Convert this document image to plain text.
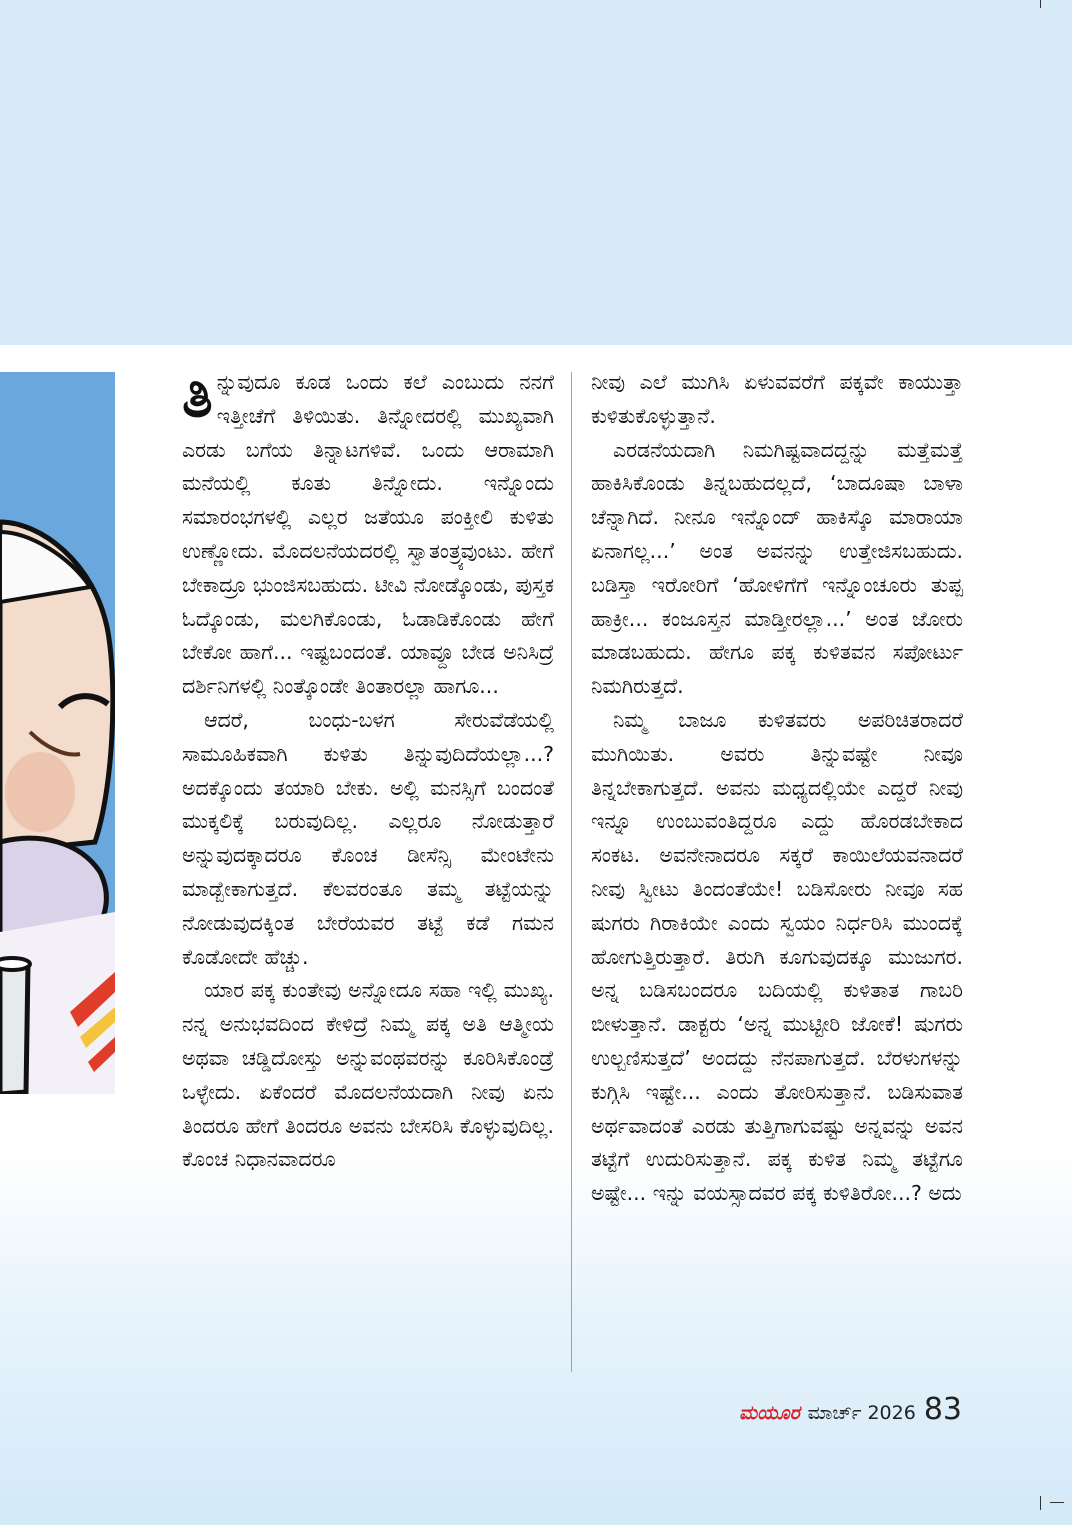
ತಿನ್ನುವುದೂ ಕೂಡ ಒಂದು ಕಲೆ ಎಂಬುದು ನನಗೆ ಇತ್ತೀಚೆಗೆ ತಿಳಿಯಿತು. ತಿನ್ನೋದರಲ್ಲಿ ಮುಖ್ಯವಾಗಿ ಎರಡು ಬಗೆಯ ತಿನ್ನಾಟಗಳಿವೆ. ಒಂದು ಆರಾಮಾಗಿ ಮನೆಯಲ್ಲಿ ಕೂತು ತಿನ್ನೋದು. ಇನ್ನೊಂದು ಸಮಾರಂಭಗಳಲ್ಲಿ ಎಲ್ಲರ ಜತೆಯೂ ಪಂಕ್ತೀಲಿ ಕುಳಿತು ಉಣ್ಣೋದು. ಮೊದಲನೆಯದರಲ್ಲಿ ಸ್ವಾತಂತ್ರ್ಯವುಂಟು. ಹೇಗೆ ಬೇಕಾದ್ರೂ ಭುಂಜಿಸಬಹುದು. ಟೀವಿ ನೋಡ್ಕೊಂಡು, ಪುಸ್ತಕ ಓದ್ಕೊಂಡು, ಮಲಗಿಕೊಂಡು, ಓಡಾಡಿಕೊಂಡು ಹೇಗೆ ಬೇಕೋ ಹಾಗೆ... ಇಷ್ಟಬಂದಂತೆ. ಯಾವ್ದೂ ಬೇಡ ಅನಿಸಿದ್ರೆ ದರ್ಶಿನಿಗಳಲ್ಲಿ ನಿಂತ್ಕೊಂಡೇ ತಿಂತಾರಲ್ಲಾ ಹಾಗೂ...

ಆದರೆ, ಬಂಧು-ಬಳಗ ಸೇರುವೆಡೆಯಲ್ಲಿ ಸಾಮೂಹಿಕವಾಗಿ ಕುಳಿತು ತಿನ್ನುವುದಿದೆಯಲ್ಲಾ...? ಅದಕ್ಕೊಂದು ತಯಾರಿ ಬೇಕು. ಅಲ್ಲಿ ಮನಸ್ಸಿಗೆ ಬಂದಂತೆ ಮುಕ್ಕಲಿಕ್ಕೆ ಬರುವುದಿಲ್ಲ. ಎಲ್ಲರೂ ನೋಡುತ್ತಾರೆ ಅನ್ನುವುದಕ್ಕಾದರೂ ಕೊಂಚ ಡೀಸೆನ್ಸಿ ಮೇಂಟೇನು ಮಾಡ್ಬೇಕಾಗುತ್ತದೆ. ಕೆಲವರಂತೂ ತಮ್ಮ ತಟ್ಟೆಯನ್ನು ನೋಡುವುದಕ್ಕಿಂತ ಬೇರೆಯವರ ತಟ್ಟೆ ಕಡೆ ಗಮನ ಕೊಡೋದೇ ಹೆಚ್ಚು.

ಯಾರ ಪಕ್ಕ ಕುಂತೇವು ಅನ್ನೋದೂ ಸಹಾ ಇಲ್ಲಿ ಮುಖ್ಯ. ನನ್ನ ಅನುಭವದಿಂದ ಕೇಳಿದ್ರೆ ನಿಮ್ಮ ಪಕ್ಕ ಅತಿ ಆತ್ಮೀಯ ಅಥವಾ ಚಡ್ಡಿದೋಸ್ತು ಅನ್ನುವಂಥವರನ್ನು ಕೂರಿಸಿಕೊಂಡ್ರೆ ಒಳ್ಳೇದು. ಏಕೆಂದರೆ ಮೊದಲನೆಯದಾಗಿ ನೀವು ಏನು ತಿಂದರೂ ಹೇಗೆ ತಿಂದರೂ ಅವನು ಬೇಸರಿಸಿ ಕೊಳ್ಳುವುದಿಲ್ಲ. ಕೊಂಚ ನಿಧಾನವಾದರೂ

ನೀವು ಎಲೆ ಮುಗಿಸಿ ಏಳುವವರೆಗೆ ಪಕ್ಕವೇ ಕಾಯುತ್ತಾ ಕುಳಿತುಕೊಳ್ಳುತ್ತಾನೆ.

ಎರಡನೆಯದಾಗಿ ನಿಮಗಿಷ್ಟವಾದದ್ದನ್ನು ಮತ್ತೆಮತ್ತೆ ಹಾಕಿಸಿಕೊಂಡು ತಿನ್ನಬಹುದಲ್ಲದೆ, ‘ಬಾದೂಷಾ ಬಾಳಾ ಚೆನ್ನಾಗಿದೆ. ನೀನೂ ಇನ್ನೊಂದ್ ಹಾಕಿಸ್ಕೊ ಮಾರಾಯಾ ಏನಾಗಲ್ಲ...’ ಅಂತ ಅವನನ್ನು ಉತ್ತೇಜಿಸಬಹುದು. ಬಡಿಸ್ತಾ ಇರೋರಿಗೆ ‘ಹೋಳಿಗೆಗೆ ಇನ್ನೊಂಚೂರು ತುಪ್ಪ ಹಾಕ್ರೀ... ಕಂಜೂಸ್ತನ ಮಾಡ್ತೀರಲ್ಲಾ...’ ಅಂತ ಜೋರು ಮಾಡಬಹುದು. ಹೇಗೂ ಪಕ್ಕ ಕುಳಿತವನ ಸಪೋರ್ಟು ನಿಮಗಿರುತ್ತದೆ.

ನಿಮ್ಮ ಬಾಜೂ ಕುಳಿತವರು ಅಪರಿಚಿತರಾದರೆ ಮುಗಿಯಿತು. ಅವರು ತಿನ್ನುವಷ್ಟೇ ನೀವೂ ತಿನ್ನಬೇಕಾಗುತ್ತದೆ. ಅವನು ಮಧ್ಯದಲ್ಲಿಯೇ ಎದ್ದರೆ ನೀವು ಇನ್ನೂ ಉಂಬುವಂತಿದ್ದರೂ ಎದ್ದು ಹೊರಡಬೇಕಾದ ಸಂಕಟ. ಅವನೇನಾದರೂ ಸಕ್ಕರೆ ಕಾಯಿಲೆಯವನಾದರೆ ನೀವು ಸ್ವೀಟು ತಿಂದಂತೆಯೇ! ಬಡಿಸೋರು ನೀವೂ ಸಹ ಷುಗರು ಗಿರಾಕಿಯೇ ಎಂದು ಸ್ವಯಂ ನಿರ್ಧರಿಸಿ ಮುಂದಕ್ಕೆ ಹೋಗುತ್ತಿರುತ್ತಾರೆ. ತಿರುಗಿ ಕೂಗುವುದಕ್ಕೂ ಮುಜುಗರ. ಅನ್ನ ಬಡಿಸಬಂದರೂ ಬದಿಯಲ್ಲಿ ಕುಳಿತಾತ ಗಾಬರಿ ಬೀಳುತ್ತಾನೆ. ಡಾಕ್ಟರು ‘ಅನ್ನ ಮುಟ್ಟೀರಿ ಜೋಕೆ! ಷುಗರು ಉಲ್ಬಣಿಸುತ್ತದೆ’ ಅಂದದ್ದು ನೆನಪಾಗುತ್ತದೆ. ಬೆರಳುಗಳನ್ನು ಕುಗ್ಗಿಸಿ ಇಷ್ಟೇ... ಎಂದು ತೋರಿಸುತ್ತಾನೆ. ಬಡಿಸುವಾತ ಅರ್ಥವಾದಂತೆ ಎರಡು ತುತ್ತಿಗಾಗುವಷ್ಟು ಅನ್ನವನ್ನು ಅವನ ತಟ್ಟೆಗೆ ಉದುರಿಸುತ್ತಾನೆ. ಪಕ್ಕ ಕುಳಿತ ನಿಮ್ಮ ತಟ್ಟೆಗೂ ಅಷ್ಟೇ... ಇನ್ನು ವಯಸ್ಸಾದವರ ಪಕ್ಕ ಕುಳಿತಿರೋ...? ಅದು

ಮಯೂರ ಮಾರ್ಚ್ 2026 83
